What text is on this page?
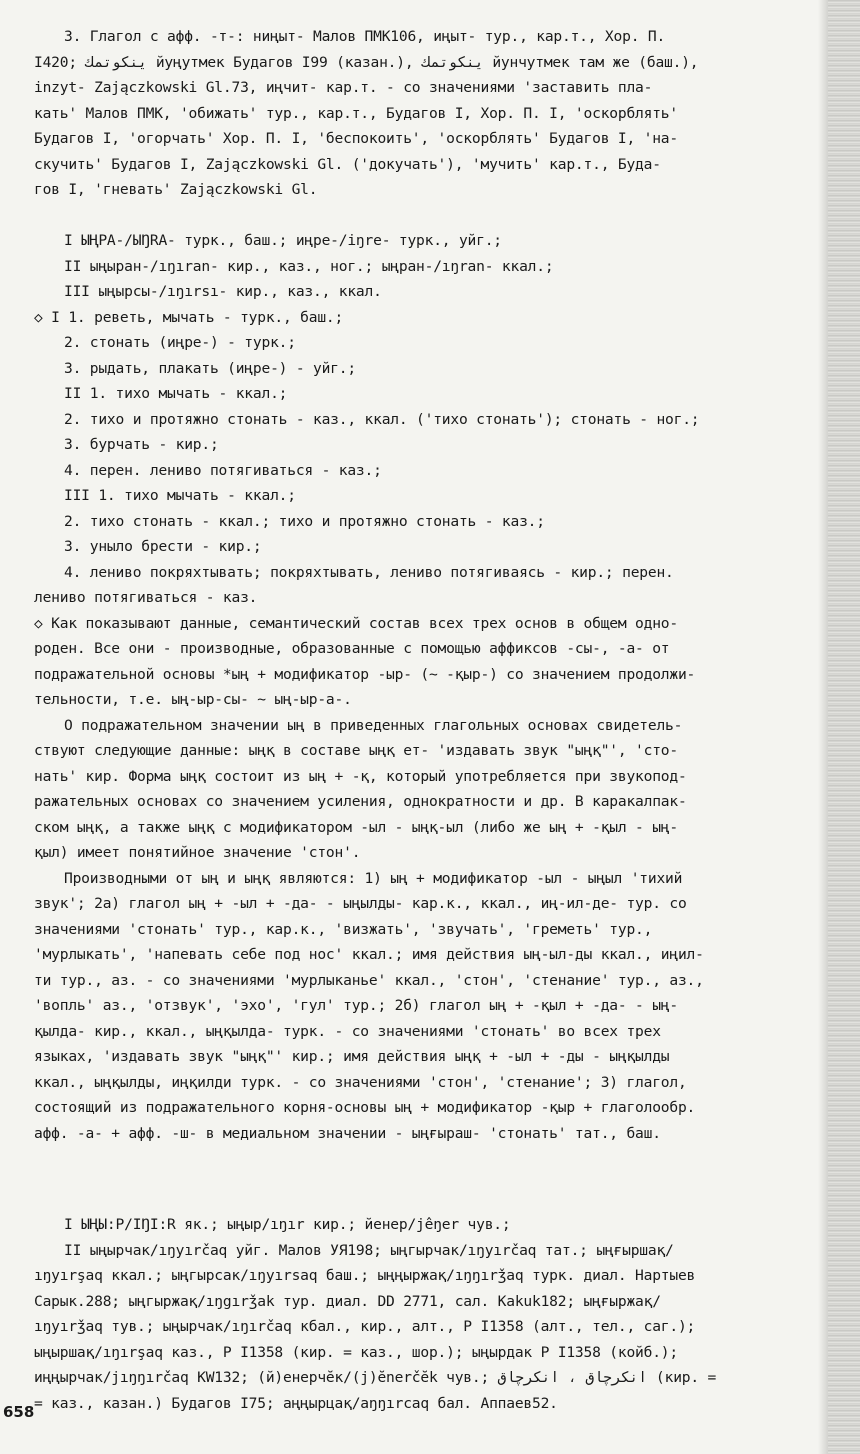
3. Глагол с афф. -т-: ниңыт- Малов ПМК106, иңыт- тур., кар.т., Хор. П.
I420; ينكوتمك йуңутмек Будагов I99 (казан.), ينكوتمك йунчутмек там же (баш.),
inzyt- Zajączkowski Gl.73, иңчит- кар.т. - со значениями 'заставить пла-
кать' Малов ПМК, 'обижать' тур., кар.т., Будагов I, Хор. П. I, 'оскорблять'
Будагов I, 'огорчать' Хор. П. I, 'беспокоить', 'оскорблять' Будагов I, 'на-
скучить' Будагов I, Zajączkowski Gl. ('докучать'), 'мучить' кар.т., Буда-
гов I, 'гневать' Zajączkowski Gl.
I ЫҢРА-/ЫŊRA- турк., баш.; иңре-/iŋre- турк., уйг.;
II ыңыран-/ıŋıran- кир., каз., ног.; ыңран-/ıŋran- ккал.;
III ыңырсы-/ıŋırsı- кир., каз., ккал.
◇ I 1. реветь, мычать - турк., баш.;
2. стонать (иңре-) - турк.;
3. рыдать, плакать (иңре-) - уйг.;
II 1. тихо мычать - ккал.;
2. тихо и протяжно стонать - каз., ккал. ('тихо стонать'); стонать - ног.;
3. бурчать - кир.;
4. перен. лениво потягиваться - каз.;
III 1. тихо мычать - ккал.;
2. тихо стонать - ккал.; тихо и протяжно стонать - каз.;
3. уныло брести - кир.;
4. лениво покряхтывать; покряхтывать, лениво потягиваясь - кир.; перен.
лениво потягиваться - каз.
◇ Как показывают данные, семантический состав всех трех основ в общем одно-
роден. Все они - производные, образованные с помощью аффиксов -сы-, -а- от
подражательной основы *ың + модификатор -ыр- (~ -қыр-) со значением продолжи-
тельности, т.е. ың-ыр-сы- ~ ың-ыр-а-.
О подражательном значении ың в приведенных глагольных основах свидетель-
ствуют следующие данные: ыңқ в составе ыңқ ет- 'издавать звук "ыңқ"', 'сто-
нать' кир. Форма ыңқ состоит из ың + -қ, который употребляется при звукопод-
ражательных основах со значением усиления, однократности и др. В каракалпак-
ском ыңқ, а также ыңқ с модификатором -ыл - ыңқ-ыл (либо же ың + -қыл - ың-
қыл) имеет понятийное значение 'стон'.
Производными от ың и ыңқ являются: 1) ың + модификатор -ыл - ыңыл 'тихий
звук'; 2а) глагол ың + -ыл + -да- - ыңылды- кар.к., ккал., иң-ил-де- тур. со
значениями 'стонать' тур., кар.к., 'визжать', 'звучать', 'греметь' тур.,
'мурлыкать', 'напевать себе под нос' ккал.; имя действия ың-ыл-ды ккал., иңил-
ти тур., аз. - со значениями 'мурлыканье' ккал., 'стон', 'стенание' тур., аз.,
'вопль' аз., 'отзвук', 'эхо', 'гул' тур.; 2б) глагол ың + -қыл + -да- - ың-
қылда- кир., ккал., ыңқылда- турк. - со значениями 'стонать' во всех трех
языках, 'издавать звук "ыңқ"' кир.; имя действия ыңқ + -ыл + -ды - ыңқылды
ккал., ыңқылды, иңқилди турк. - со значениями 'стон', 'стенание'; 3) глагол,
состоящий из подражательного корня-основы ың + модификатор -қыр + глаголообр.
афф. -а- + афф. -ш- в медиальном значении - ыңғыраш- 'стонать' тат., баш.
I ЫҢЫ:Р/IŊI:R як.; ыңыр/ıŋır кир.; йенер/jêŋer чув.;
II ыңырчак/ıŋyırčaq уйг. Малов УЯ198; ыңгырчак/ıŋyırčaq тат.; ыңғыршақ/
ıŋyırşaq ккал.; ыңгырсак/ıŋyırsaq баш.; ыңңыржақ/ıŋŋırǯaq турк. диал. Нартыев
Сарык.288; ыңгыржақ/ıŋgırǯak тур. диал. DD 2771, сал. Kakuk182; ыңғыржақ/
ıŋyırǯaq тув.; ыңырчак/ıŋırčaq кбал., кир., алт., Р I1358 (алт., тел., саг.);
ыңыршақ/ıŋırşaq каз., Р I1358 (кир. = каз., шор.); ыңырдак Р I1358 (койб.);
иңңырчак/jıŋŋırčaq KW132; (й)енерчĕк/(j)ĕnerčĕk чув.; انكرچاق ، انكرچاق (кир. =
= каз., казан.) Будагов I75; аңңырцақ/aŋŋırcaq бал. Аппаев52.
658
